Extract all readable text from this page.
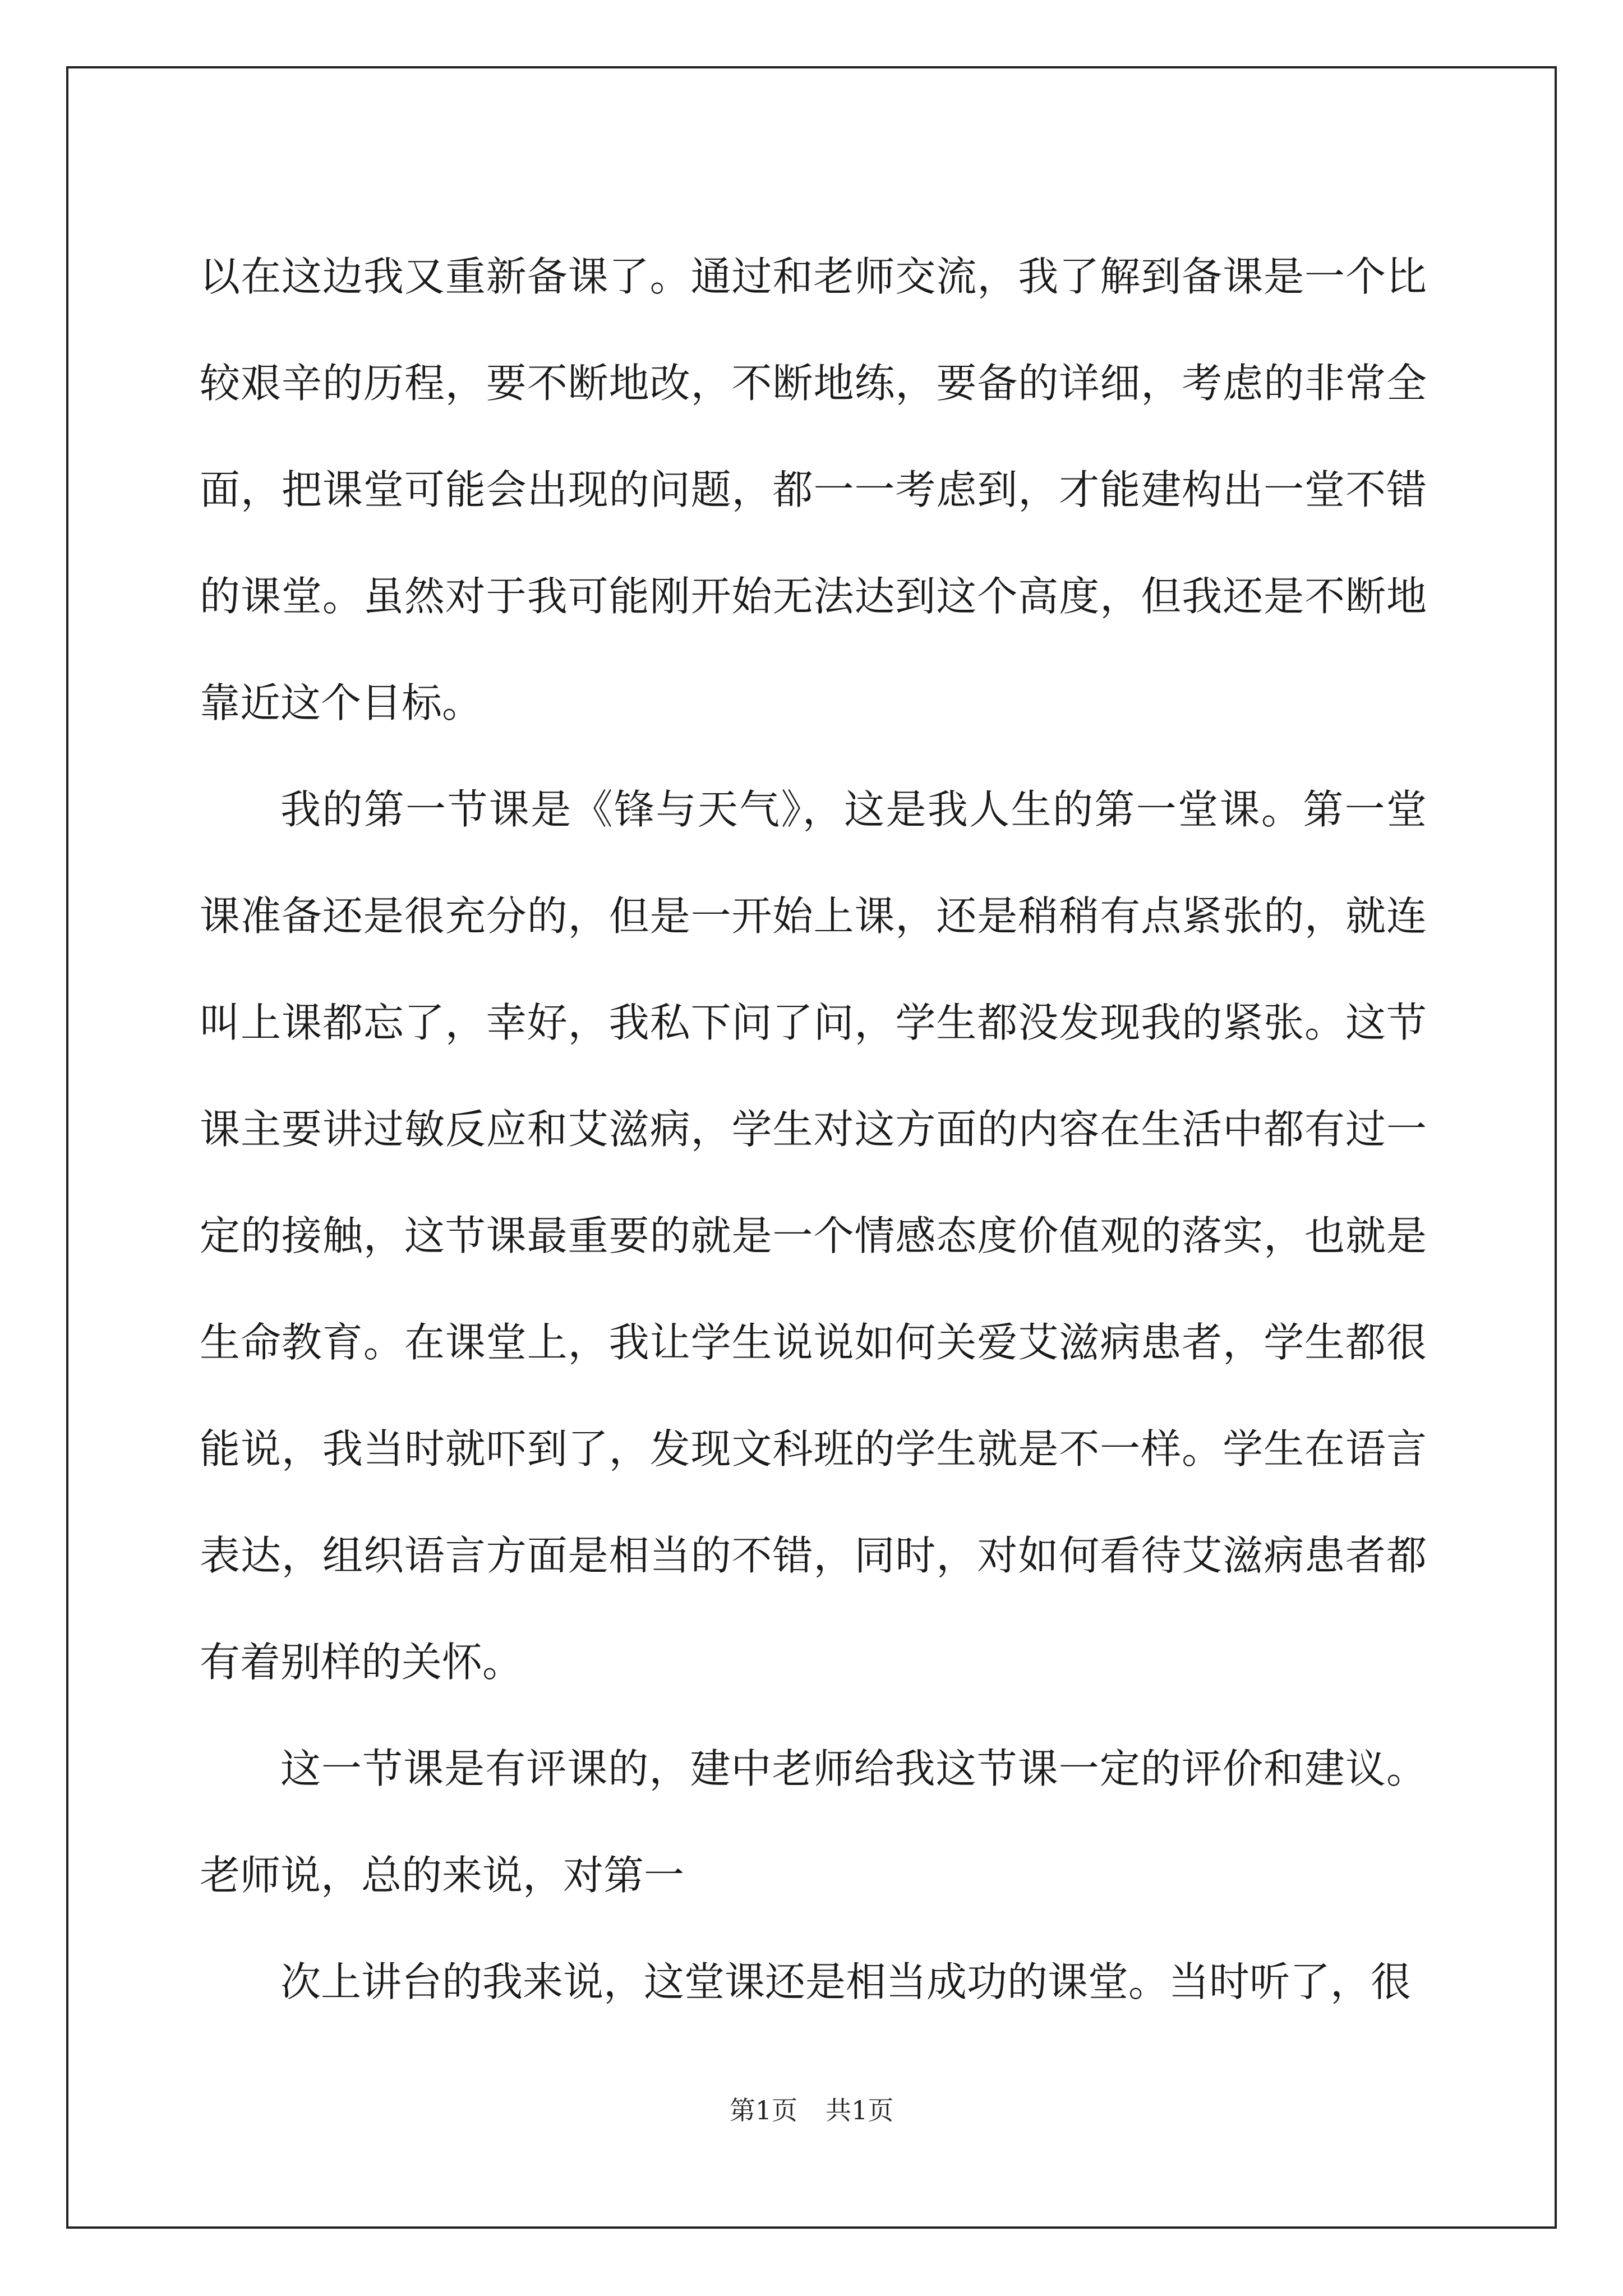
以在这边我又重新备课了。通过和老师交流，我了解到备课是一个比较艰辛的历程，要不断地改，不断地练，要备的详细，考虑的非常全面，把课堂可能会出现的问题，都一一考虑到，才能建构出一堂不错的课堂。虽然对于我可能刚开始无法达到这个高度，但我还是不断地靠近这个目标。

我的第一节课是《锋与天气》，这是我人生的第一堂课。第一堂课准备还是很充分的，但是一开始上课，还是稍稍有点紧张的，就连叫上课都忘了，幸好，我私下问了问，学生都没发现我的紧张。这节课主要讲过敏反应和艾滋病，学生对这方面的内容在生活中都有过一定的接触，这节课最重要的就是一个情感态度价值观的落实，也就是生命教育。在课堂上，我让学生说说如何关爱艾滋病患者，学生都很能说，我当时就吓到了，发现文科班的学生就是不一样。学生在语言表达，组织语言方面是相当的不错，同时，对如何看待艾滋病患者都有着别样的关怀。

这一节课是有评课的，建中老师给我这节课一定的评价和建议。老师说，总的来说，对第一

次上讲台的我来说，这堂课还是相当成功的课堂。当时听了，很

第1页 共1页
